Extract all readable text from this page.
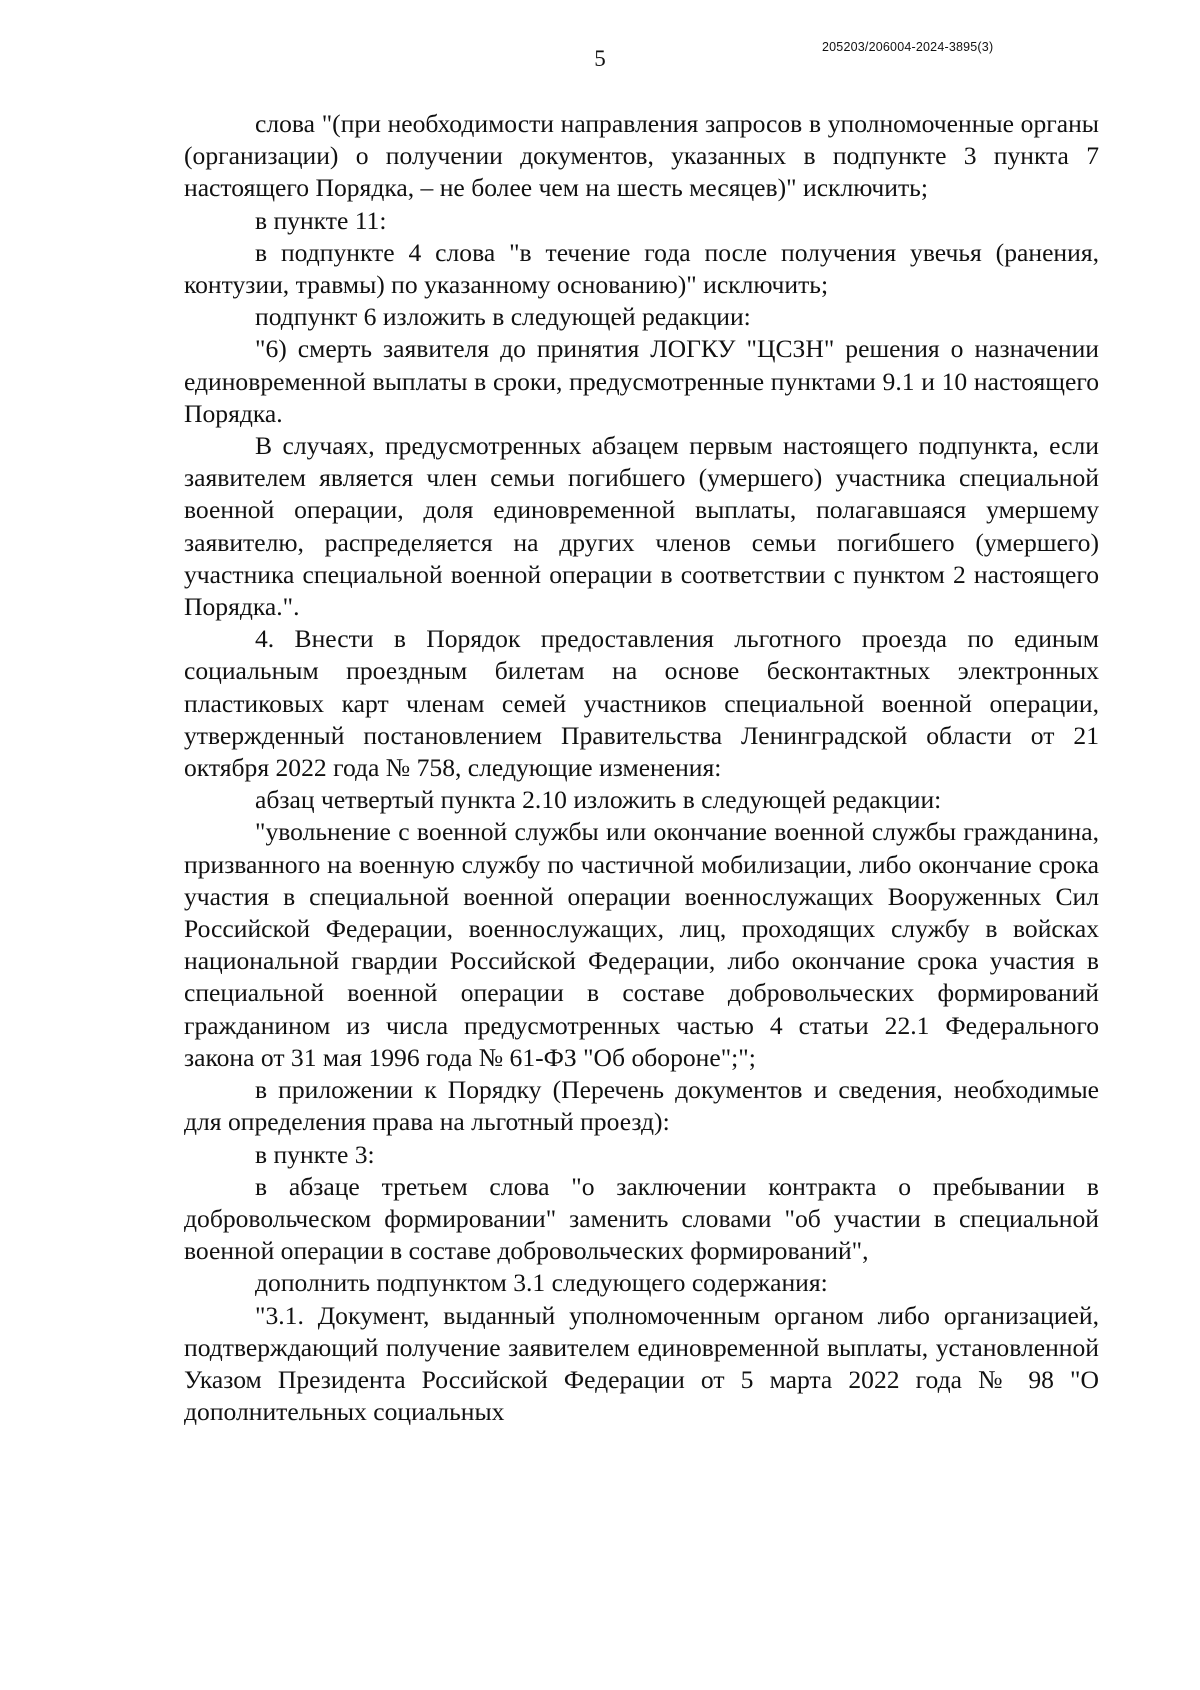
5	205203/206004-2024-3895(3)

слова "(при необходимости направления запросов в уполномоченные органы (организации) о получении документов, указанных в подпункте 3 пункта 7 настоящего Порядка, – не более чем на шесть месяцев)" исключить;

в пункте 11:

в подпункте 4 слова "в течение года после получения увечья (ранения, контузии, травмы) по указанному основанию)" исключить;

подпункт 6 изложить в следующей редакции:

"6) смерть заявителя до принятия ЛОГКУ "ЦСЗН" решения о назначении единовременной выплаты в сроки, предусмотренные пунктами 9.1 и 10 настоящего Порядка.

В случаях, предусмотренных абзацем первым настоящего подпункта, если заявителем является член семьи погибшего (умершего) участника специальной военной операции, доля единовременной выплаты, полагавшаяся умершему заявителю, распределяется на других членов семьи погибшего (умершего) участника специальной военной операции в соответствии с пунктом 2 настоящего Порядка.".

4. Внести в Порядок предоставления льготного проезда по единым социальным проездным билетам на основе бесконтактных электронных пластиковых карт членам семей участников специальной военной операции, утвержденный постановлением Правительства Ленинградской области от 21 октября 2022 года № 758, следующие изменения:

абзац четвертый пункта 2.10 изложить в следующей редакции:

"увольнение с военной службы или окончание военной службы гражданина, призванного на военную службу по частичной мобилизации, либо окончание срока участия в специальной военной операции военнослужащих Вооруженных Сил Российской Федерации, военнослужащих, лиц, проходящих службу в войсках национальной гвардии Российской Федерации, либо окончание срока участия в специальной военной операции в составе добровольческих формирований гражданином из числа предусмотренных частью 4 статьи 22.1 Федерального закона от 31 мая 1996 года № 61-ФЗ "Об обороне";";

в приложении к Порядку (Перечень документов и сведения, необходимые для определения права на льготный проезд):

в пункте 3:

в абзаце третьем слова "о заключении контракта о пребывании в добровольческом формировании" заменить словами "об участии в специальной военной операции в составе добровольческих формирований",

дополнить подпунктом 3.1 следующего содержания:

"3.1. Документ, выданный уполномоченным органом либо организацией, подтверждающий получение заявителем единовременной выплаты, установленной Указом Президента Российской Федерации от 5 марта 2022 года № 98 "О дополнительных социальных
